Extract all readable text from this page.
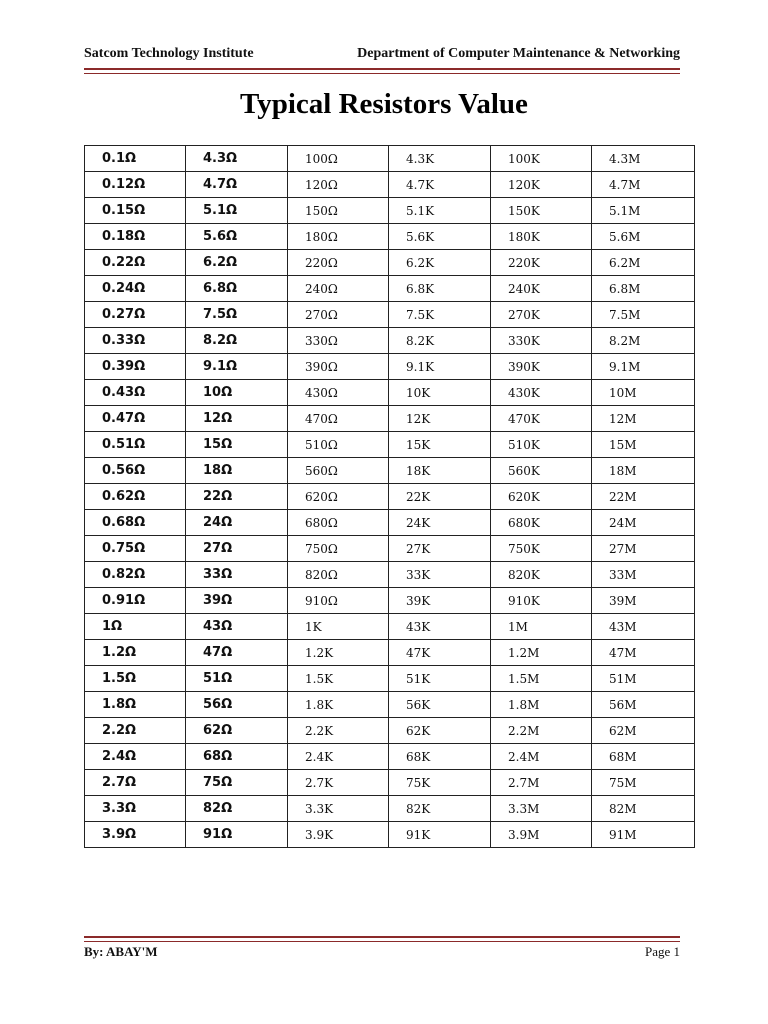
Satcom Technology Institute	Department of Computer Maintenance & Networking
Typical Resistors Value
0.1Ω	4.3Ω	100Ω	4.3K	100K	4.3M
0.12Ω	4.7Ω	120Ω	4.7K	120K	4.7M
0.15Ω	5.1Ω	150Ω	5.1K	150K	5.1M
0.18Ω	5.6Ω	180Ω	5.6K	180K	5.6M
0.22Ω	6.2Ω	220Ω	6.2K	220K	6.2M
0.24Ω	6.8Ω	240Ω	6.8K	240K	6.8M
0.27Ω	7.5Ω	270Ω	7.5K	270K	7.5M
0.33Ω	8.2Ω	330Ω	8.2K	330K	8.2M
0.39Ω	9.1Ω	390Ω	9.1K	390K	9.1M
0.43Ω	10Ω	430Ω	10K	430K	10M
0.47Ω	12Ω	470Ω	12K	470K	12M
0.51Ω	15Ω	510Ω	15K	510K	15M
0.56Ω	18Ω	560Ω	18K	560K	18M
0.62Ω	22Ω	620Ω	22K	620K	22M
0.68Ω	24Ω	680Ω	24K	680K	24M
0.75Ω	27Ω	750Ω	27K	750K	27M
0.82Ω	33Ω	820Ω	33K	820K	33M
0.91Ω	39Ω	910Ω	39K	910K	39M
1Ω	43Ω	1K	43K	1M	43M
1.2Ω	47Ω	1.2K	47K	1.2M	47M
1.5Ω	51Ω	1.5K	51K	1.5M	51M
1.8Ω	56Ω	1.8K	56K	1.8M	56M
2.2Ω	62Ω	2.2K	62K	2.2M	62M
2.4Ω	68Ω	2.4K	68K	2.4M	68M
2.7Ω	75Ω	2.7K	75K	2.7M	75M
3.3Ω	82Ω	3.3K	82K	3.3M	82M
3.9Ω	91Ω	3.9K	91K	3.9M	91M
By: ABAY'M	Page 1
